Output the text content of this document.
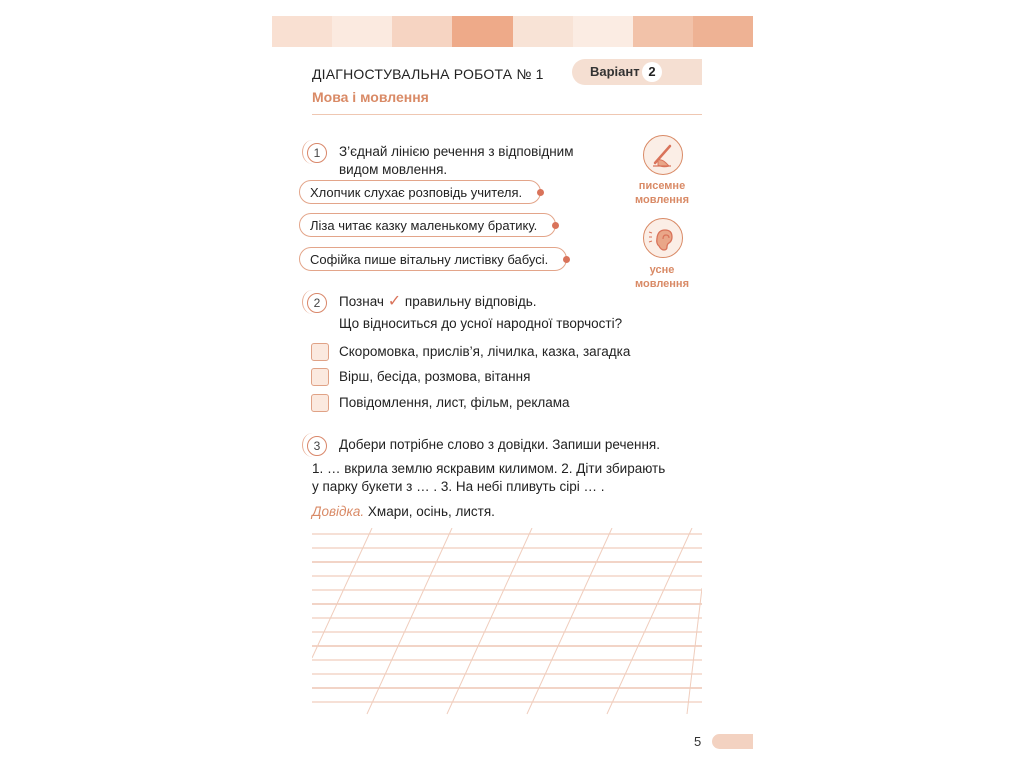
ДІАГНОСТУВАЛЬНА РОБОТА № 1
Мова і мовлення
Варіант 2
1	З’єднай лінією речення з відповідним
видом мовлення.
Хлопчик слухає розповідь учителя.
Ліза читає казку маленькому братику.
Софійка пише вітальну листівку бабусі.
писемне
мовлення
усне
мовлення
2	Познач ✓ правильну відповідь.
Що відноситься до усної народної творчості?
Скоромовка, прислів’я, лічилка, казка, загадка
Вірш, бесіда, розмова, вітання
Повідомлення, лист, фільм, реклама
3	Добери потрібне слово з довідки. Запиши речення.
1. … вкрила землю яскравим килимом. 2. Діти збирають
у парку букети з … . 3. На небі пливуть сірі … .
Довідка. Хмари, осінь, листя.
5
